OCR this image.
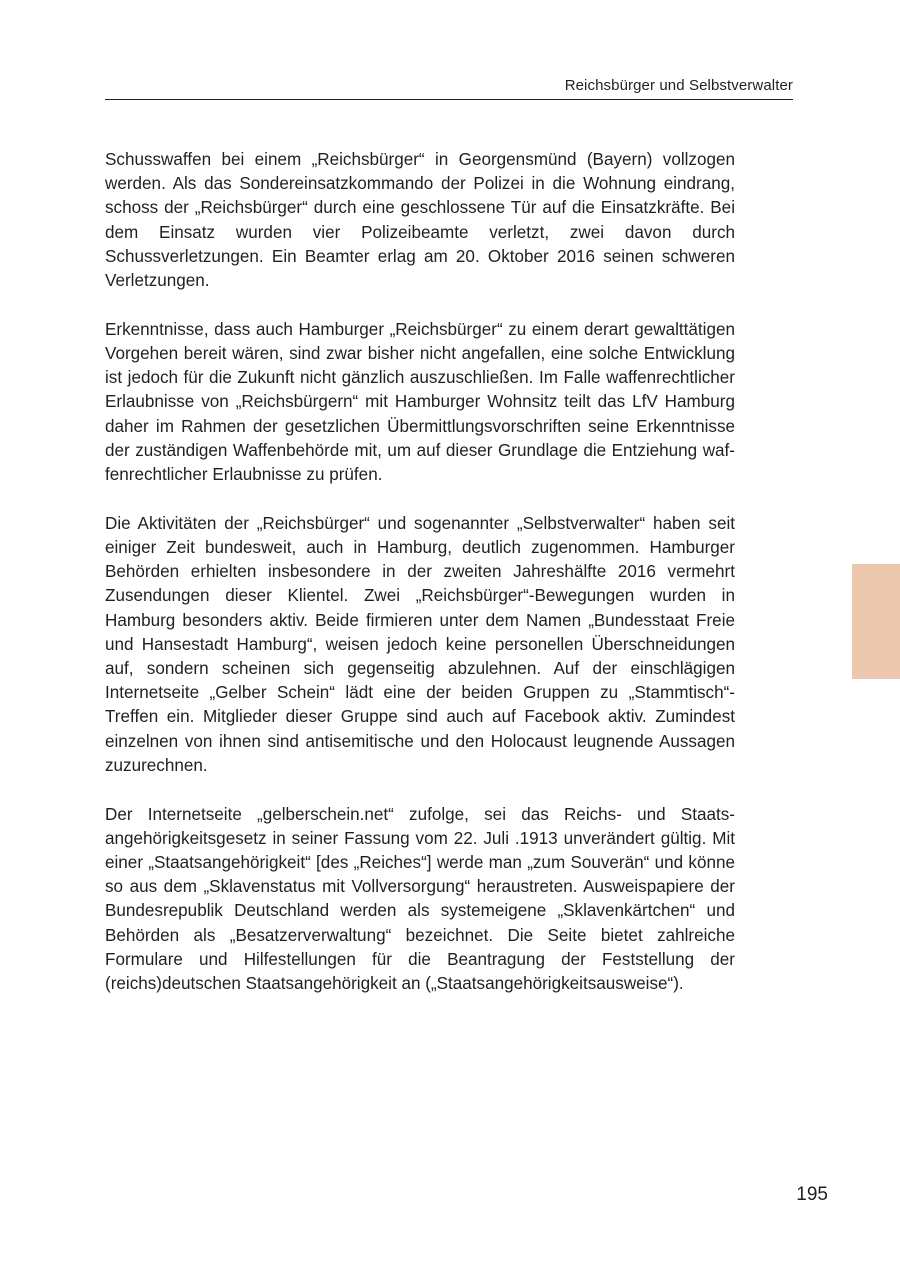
Reichsbürger und Selbstverwalter

Schusswaffen bei einem „Reichsbürger“ in Georgensmünd (Bayern) vollzogen werden. Als das Sondereinsatzkommando der Polizei in die Wohnung eindrang, schoss der „Reichsbürger“ durch eine geschlossene Tür auf die Einsatzkräfte. Bei dem Einsatz wurden vier Polizeibeamte verletzt, zwei davon durch Schussverletzungen. Ein Beamter erlag am 20. Oktober 2016 seinen schweren Verletzungen.

Erkenntnisse, dass auch Hamburger „Reichsbürger“ zu einem derart gewalttätigen Vorgehen bereit wären, sind zwar bisher nicht angefallen, eine solche Entwicklung ist jedoch für die Zukunft nicht gänzlich auszuschließen. Im Falle waffenrechtlicher Erlaubnisse von „Reichsbürgern“ mit Hamburger Wohnsitz teilt das LfV Hamburg daher im Rahmen der gesetzlichen Übermittlungsvorschriften seine Erkenntnisse der zuständigen Waffenbehörde mit, um auf dieser Grundlage die Entziehung waffenrechtlicher Erlaubnisse zu prüfen.

Die Aktivitäten der „Reichsbürger“ und sogenannter „Selbstverwalter“ haben seit einiger Zeit bundesweit, auch in Hamburg, deutlich zugenommen. Hamburger Behörden erhielten insbesondere in der zweiten Jahreshälfte 2016 vermehrt Zusendungen dieser Klientel. Zwei „Reichsbürger“-Bewegungen wurden in Hamburg besonders aktiv. Beide firmieren unter dem Namen „Bundesstaat Freie und Hansestadt Hamburg“, weisen jedoch keine personellen Überschneidungen auf, sondern scheinen sich gegenseitig abzulehnen. Auf der einschlägigen Internetseite „Gelber Schein“ lädt eine der beiden Gruppen zu „Stammtisch“-Treffen ein. Mitglieder dieser Gruppe sind auch auf Facebook aktiv. Zumindest einzelnen von ihnen sind antisemitische und den Holocaust leugnende Aussagen zuzurechnen.

Der Internetseite „gelberschein.net“ zufolge, sei das Reichs- und Staatsangehörigkeitsgesetz in seiner Fassung vom 22. Juli .1913 unverändert gültig. Mit einer „Staatsangehörigkeit“ [des „Reiches“] werde man „zum Souverän“ und könne so aus dem „Sklavenstatus mit Vollversorgung“ heraustreten. Ausweispapiere der Bundesrepublik Deutschland werden als systemeigene „Sklavenkärtchen“ und Behörden als „Besatzerverwaltung“ bezeichnet. Die Seite bietet zahlreiche Formulare und Hilfestellungen für die Beantragung der Feststellung der (reichs)deutschen Staatsangehörigkeit an („Staatsangehörigkeitsausweise“).

195
